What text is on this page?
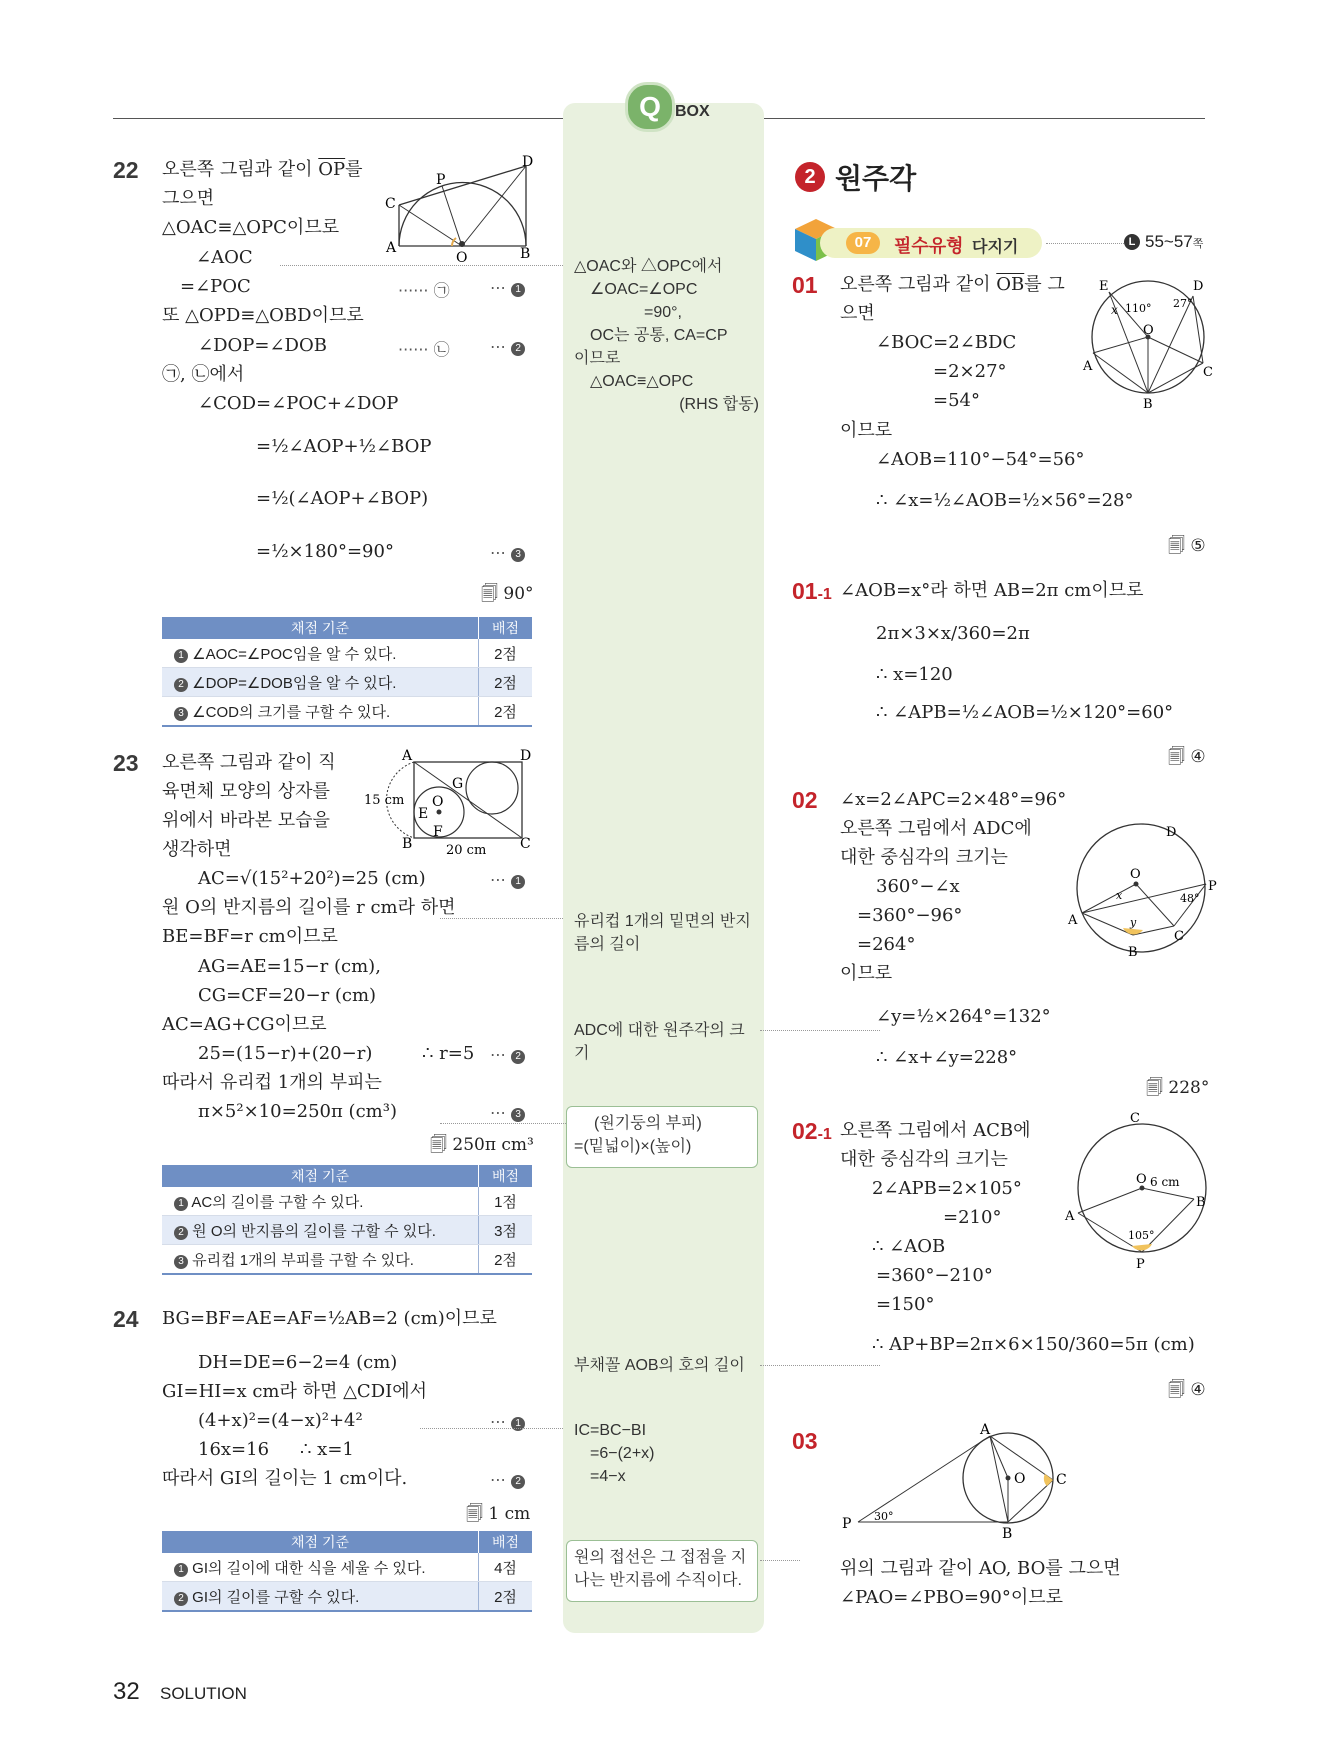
Q BOX
22 오른쪽 그림과 같이 $\overline{OP}$를
그으면
△OAC≡△OPC이므로
∠AOC
=∠POC	······ ㉠	⋯ 1
또 △OPD≡△OBD이므로
∠DOP=∠DOB	······ ㉡	⋯ 2
㉠, ㉡에서
∠COD=∠POC+∠DOP
=½∠AOP+½∠BOP
=½(∠AOP+∠BOP)
=½×180°=90°	⋯ 3
🗐 90°
D
P
C
A
O	B
채점 기준	배점
1 ∠AOC=∠POC임을 알 수 있다.	2점
2 ∠DOP=∠DOB임을 알 수 있다.	2점
3 ∠COD의 크기를 구할 수 있다.	2점
23 오른쪽 그림과 같이 직
육면체 모양의 상자를
위에서 바라본 모습을
생각하면
AC=√(15²+20²)=25 (cm)	⋯ 1
원 O의 반지름의 길이를 r cm라 하면
BE=BF=r cm이므로
AG=AE=15−r (cm),
CG=CF=20−r (cm)
AC=AG+CG이므로
25=(15−r)+(20−r)	∴ r=5 ⋯ 2
따라서 유리컵 1개의 부피는
π×5²×10=250π (cm³)	⋯ 3
🗐 250π cm³
A	D
G
O
E
F
B	C
15 cm
20 cm
채점 기준	배점
1 AC의 길이를 구할 수 있다.	1점
2 원 O의 반지름의 길이를 구할 수 있다.	3점
3 유리컵 1개의 부피를 구할 수 있다.	2점
24 BG=BF=AE=AF=½AB=2 (cm)이므로
DH=DE=6−2=4 (cm)
GI=HI=x cm라 하면 △CDI에서
(4+x)²=(4−x)²+4²	⋯ 1
16x=16 ∴ x=1
따라서 GI의 길이는 1 cm이다.	⋯ 2
🗐 1 cm
채점 기준	배점
1 GI의 길이에 대한 식을 세울 수 있다.	4점
2 GI의 길이를 구할 수 있다.	2점
△OAC와 △OPC에서
∠OAC=∠OPC
=90°,
OC는 공통, CA=CP
이므로
△OAC≡△OPC
(RHS 합동)
유리컵 1개의 밑면의 반지
름의 길이
ADC에 대한 원주각의 크
기
(원기둥의 부피)
=(밑넓이)×(높이)
부채꼴 AOB의 호의 길이
IC=BC−BI
=6−(2+x)
=4−x
원의 접선은 그 접점을 지
나는 반지름에 수직이다.
2 원주각
07	필수유형 다지기	L 55~57쪽
01 오른쪽 그림과 같이 $\overline{OB}$를 그
으면
∠BOC=2∠BDC
=2×27°
=54°
이므로
∠AOB=110°−54°=56°
∴ ∠x=½∠AOB=½×56°=28°
🗐 ⑤
E	D
x 110° 27°
O
A	C
B
01-1 ∠AOB=x°라 하면 AB=2π cm이므로
2π×3×x/360=2π
∴ x=120
∴ ∠APB=½∠AOB=½×120°=60°
🗐 ④
02 ∠x=2∠APC=2×48°=96°
오른쪽 그림에서 ADC에
대한 중심각의 크기는
360°−∠x
=360°−96°
=264°
이므로
∠y=½×264°=132°
∴ ∠x+∠y=228°
🗐 228°
D
O
P
x	48°
A	y
C
B
02-1 오른쪽 그림에서 ACB에
대한 중심각의 크기는
2∠APB=2×105°
=210°
∴ ∠AOB
=360°−210°
=150°
∴ AP+BP=2π×6×150/360=5π (cm)
🗐 ④
C
O 6 cm
B
A
105°
P
03	A
O C
P 30°
B
위의 그림과 같이 AO, BO를 그으면
∠PAO=∠PBO=90°이므로
32 SOLUTION
